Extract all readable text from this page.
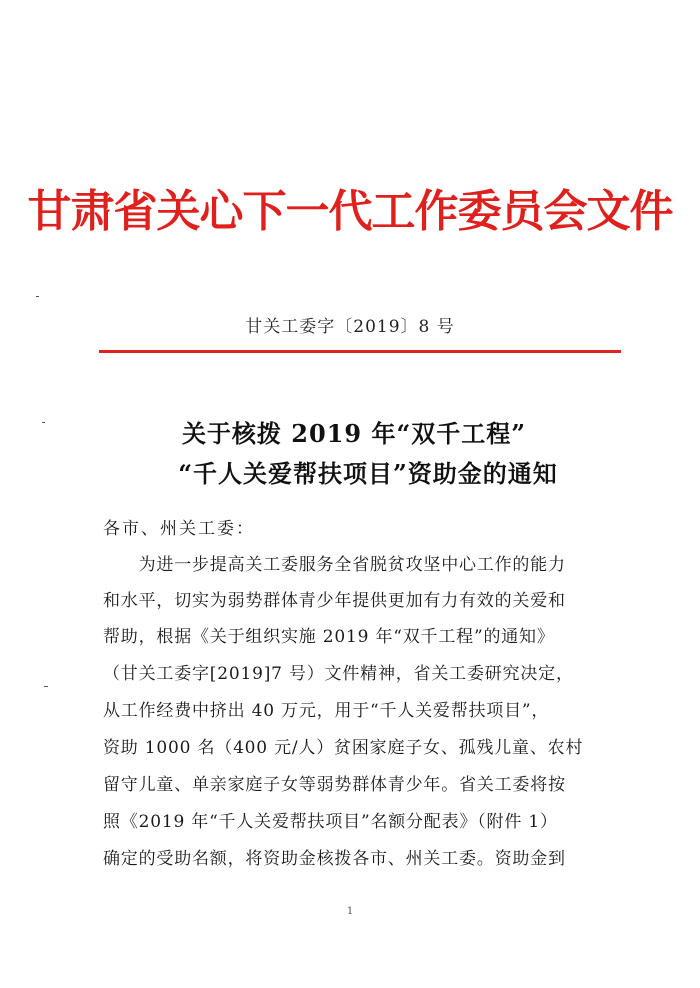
甘肃省关心下一代工作委员会文件
甘关工委字〔2019〕8 号
关于核拨 2019 年“双千工程”
“千人关爱帮扶项目”资助金的通知
各市、州关工委：
　　为进一步提高关工委服务全省脱贫攻坚中心工作的能力
和水平，切实为弱势群体青少年提供更加有力有效的关爱和
帮助，根据《关于组织实施 2019 年“双千工程”的通知》
（甘关工委字[2019]7 号）文件精神，省关工委研究决定，
从工作经费中挤出 40 万元，用于“千人关爱帮扶项目”，
资助 1000 名（400 元/人）贫困家庭子女、孤残儿童、农村
留守儿童、单亲家庭子女等弱势群体青少年。省关工委将按
照《2019 年“千人关爱帮扶项目”名额分配表》（附件 1）
确定的受助名额，将资助金核拨各市、州关工委。资助金到
1
